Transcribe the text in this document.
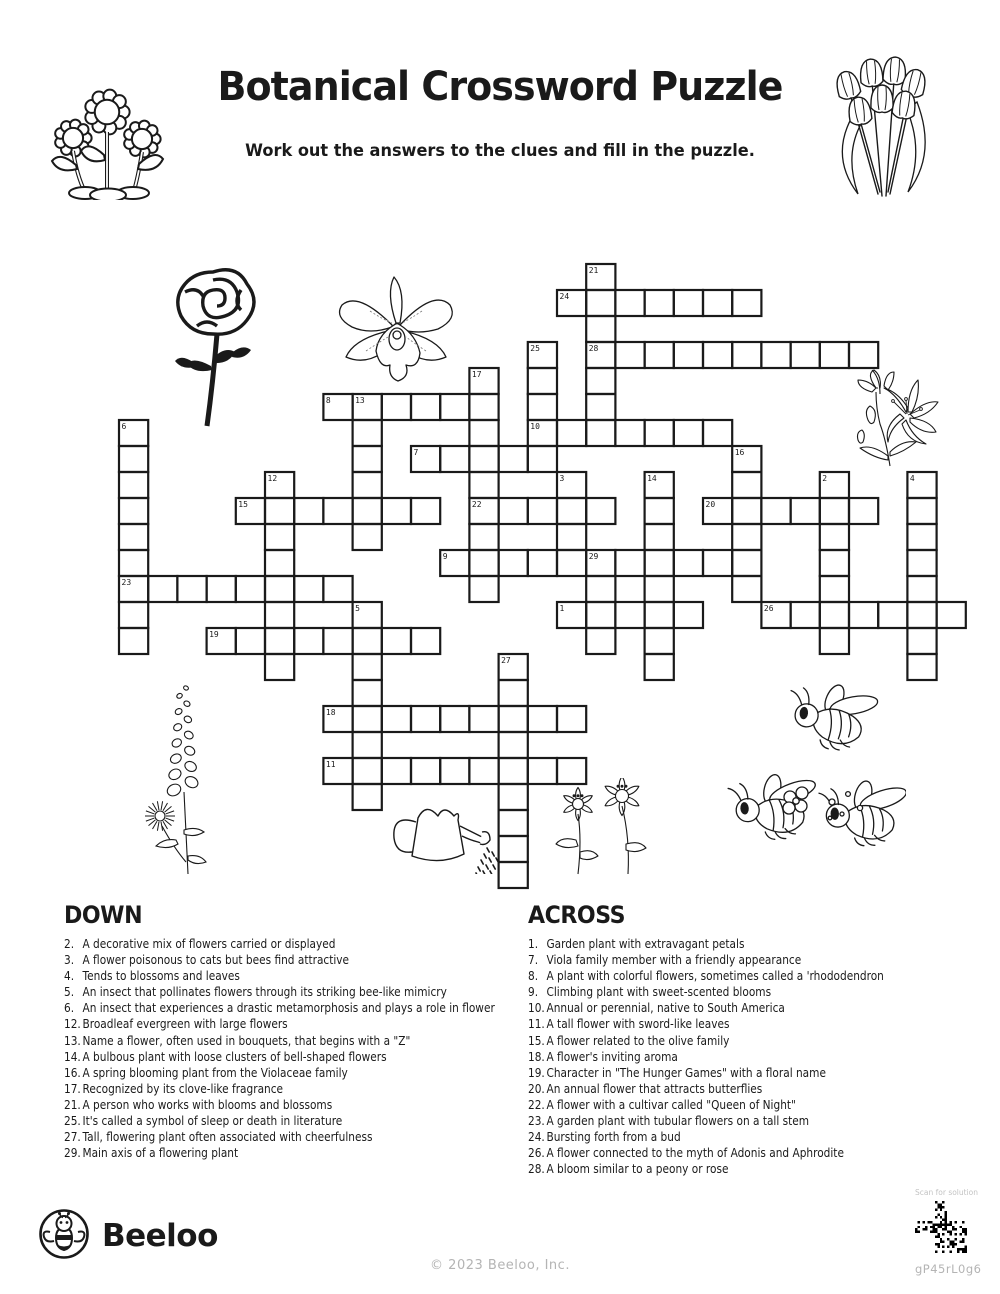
Botanical Crossword Puzzle
Work out the answers to the clues and fill in the puzzle.
21
24
25	28
17
8	13
10
6
7	16
3	14	2	4
12
15	22	20
9	29
23
5	1	26
19
27
18
11
DOWN
2. A decorative mix of flowers carried or displayed
3. A flower poisonous to cats but bees find attractive
4. Tends to blossoms and leaves
5. An insect that pollinates flowers through its striking bee-like mimicry
6. An insect that experiences a drastic metamorphosis and plays a role in flower
12. Broadleaf evergreen with large flowers
13. Name a flower, often used in bouquets, that begins with a "Z"
14. A bulbous plant with loose clusters of bell-shaped flowers
16. A spring blooming plant from the Violaceae family
17. Recognized by its clove-like fragrance
21. A person who works with blooms and blossoms
25. It's called a symbol of sleep or death in literature
27. Tall, flowering plant often associated with cheerfulness
29. Main axis of a flowering plant
ACROSS
1. Garden plant with extravagant petals
7. Viola family member with a friendly appearance
8. A plant with colorful flowers, sometimes called a 'rhododendron
9. Climbing plant with sweet-scented blooms
10. Annual or perennial, native to South America
11. A tall flower with sword-like leaves
15. A flower related to the olive family
18. A flower's inviting aroma
19. Character in "The Hunger Games" with a floral name
20. An annual flower that attracts butterflies
22. A flower with a cultivar called "Queen of Night"
23. A garden plant with tubular flowers on a tall stem
24. Bursting forth from a bud
26. A flower connected to the myth of Adonis and Aphrodite
28. A bloom similar to a peony or rose
Beeloo
© 2023 Beeloo, Inc.
Scan for solution
gP45rL0g6
